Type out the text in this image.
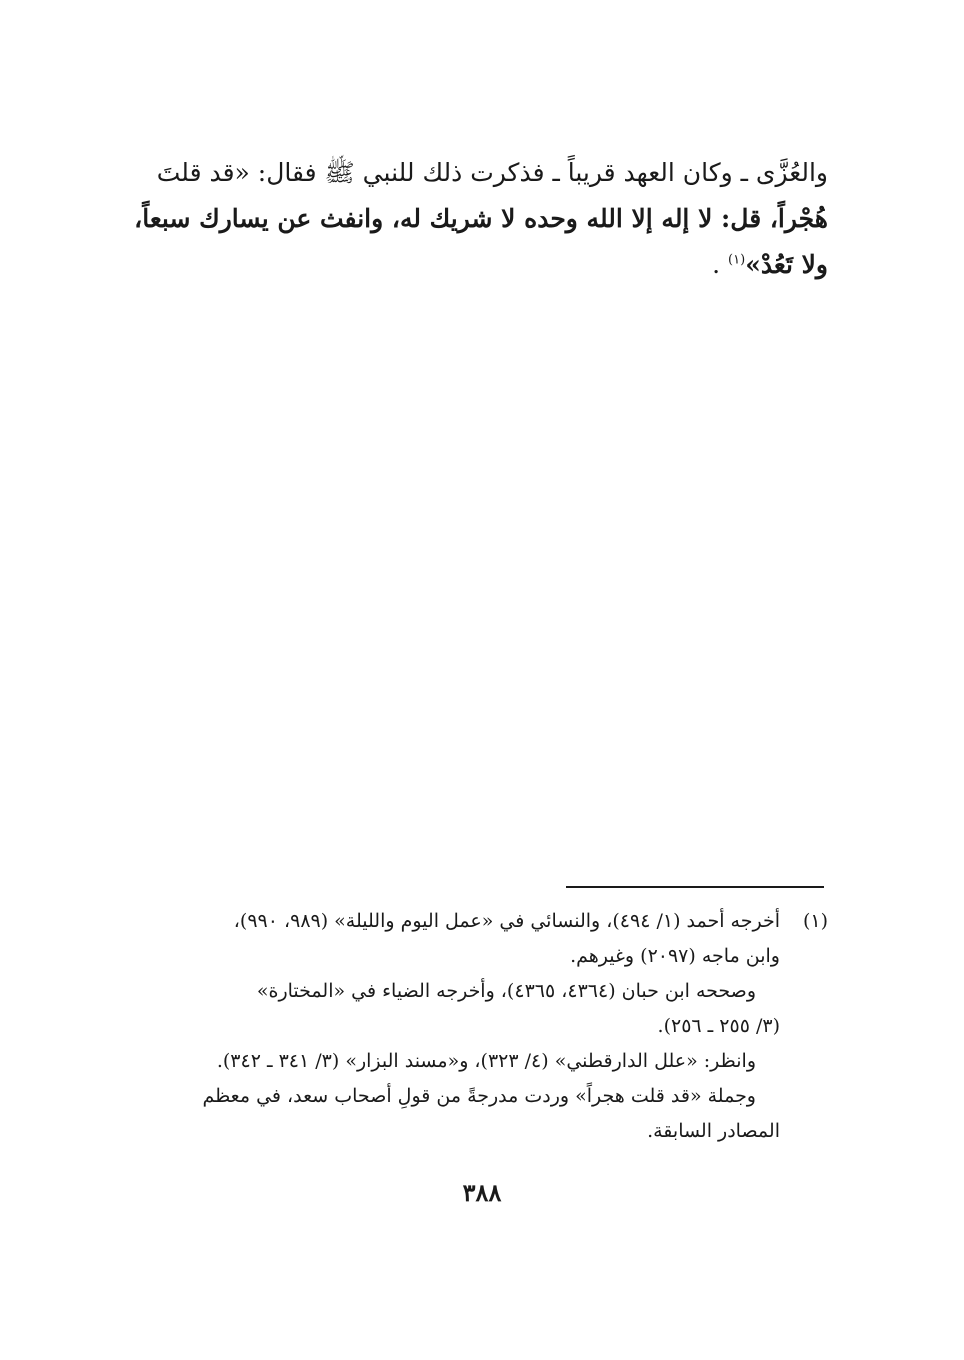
والعُزَّى ـ وكان العهد قريباً ـ فذكرت ذلك للنبي ﷺ فقال: «قد قلتَ
هُجْراً، قل: لا إله إلا الله وحده لا شريك له، وانفث عن يسارك سبعاً،
ولا تَعُدْ»$^{(١)}$ .
(١)أخرجه أحمد (١/ ٤٩٤)، والنسائي في «عمل اليوم والليلة» (٩٨٩، ٩٩٠)،
وابن ماجه (٢٠٩٧) وغيرهم.
وصححه ابن حبان (٤٣٦٤، ٤٣٦٥)، وأخرجه الضياء في «المختارة»
(٣/ ٢٥٥ ـ ٢٥٦).
وانظر: «علل الدارقطني» (٤/ ٣٢٣)، و«مسند البزار» (٣/ ٣٤١ ـ ٣٤٢).
وجملة «قد قلت هجراً» وردت مدرجةً من قولِ أصحاب سعد، في معظم
المصادر السابقة.
٣٨٨
